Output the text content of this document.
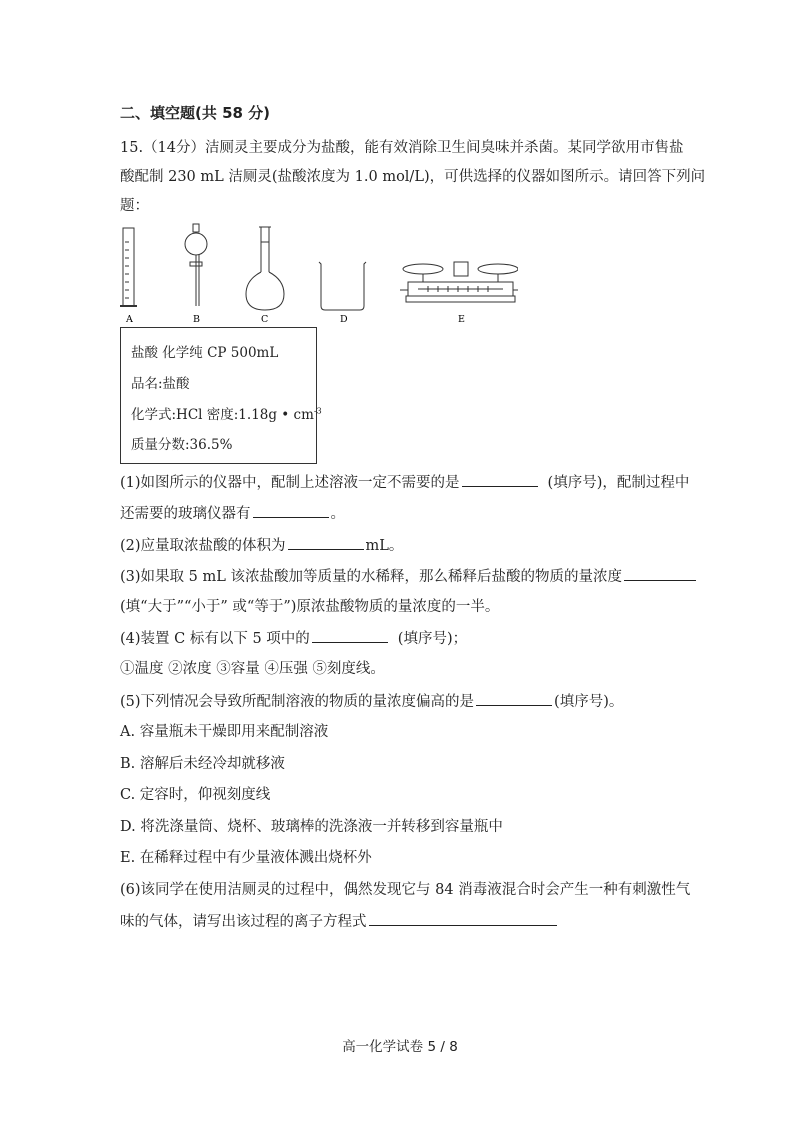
二、填空题(共 58 分)
15.（14分）洁厕灵主要成分为盐酸，能有效消除卫生间臭味并杀菌。某同学欲用市售盐
酸配制 230 mL 洁厕灵(盐酸浓度为 1.0 mol/L)，可供选择的仪器如图所示。请回答下列问
题：
A	B	C	D	E
盐酸 化学纯 CP 500mL
品名:盐酸
化学式:HCl 密度:1.18g • $cm^{-3}$
质量分数:36.5%
(1)如图所示的仪器中，配制上述溶液一定不需要的是	(填序号)，配制过程中
还需要的玻璃仪器有	。
(2)应量取浓盐酸的体积为	mL。
(3)如果取 5 mL 该浓盐酸加等质量的水稀释，那么稀释后盐酸的物质的量浓度
(填“大于”“小于” 或“等于”)原浓盐酸物质的量浓度的一半。
(4)装置 C 标有以下 5 项中的	(填序号)；
①温度 ②浓度 ③容量 ④压强 ⑤刻度线。
(5)下列情况会导致所配制溶液的物质的量浓度偏高的是	(填序号)。
A. 容量瓶未干燥即用来配制溶液
B. 溶解后未经冷却就移液
C. 定容时，仰视刻度线
D. 将洗涤量筒、烧杯、玻璃棒的洗涤液一并转移到容量瓶中
E. 在稀释过程中有少量液体溅出烧杯外
(6)该同学在使用洁厕灵的过程中，偶然发现它与 84 消毒液混合时会产生一种有刺激性气
味的气体，请写出该过程的离子方程式
高一化学试卷 5 / 8
